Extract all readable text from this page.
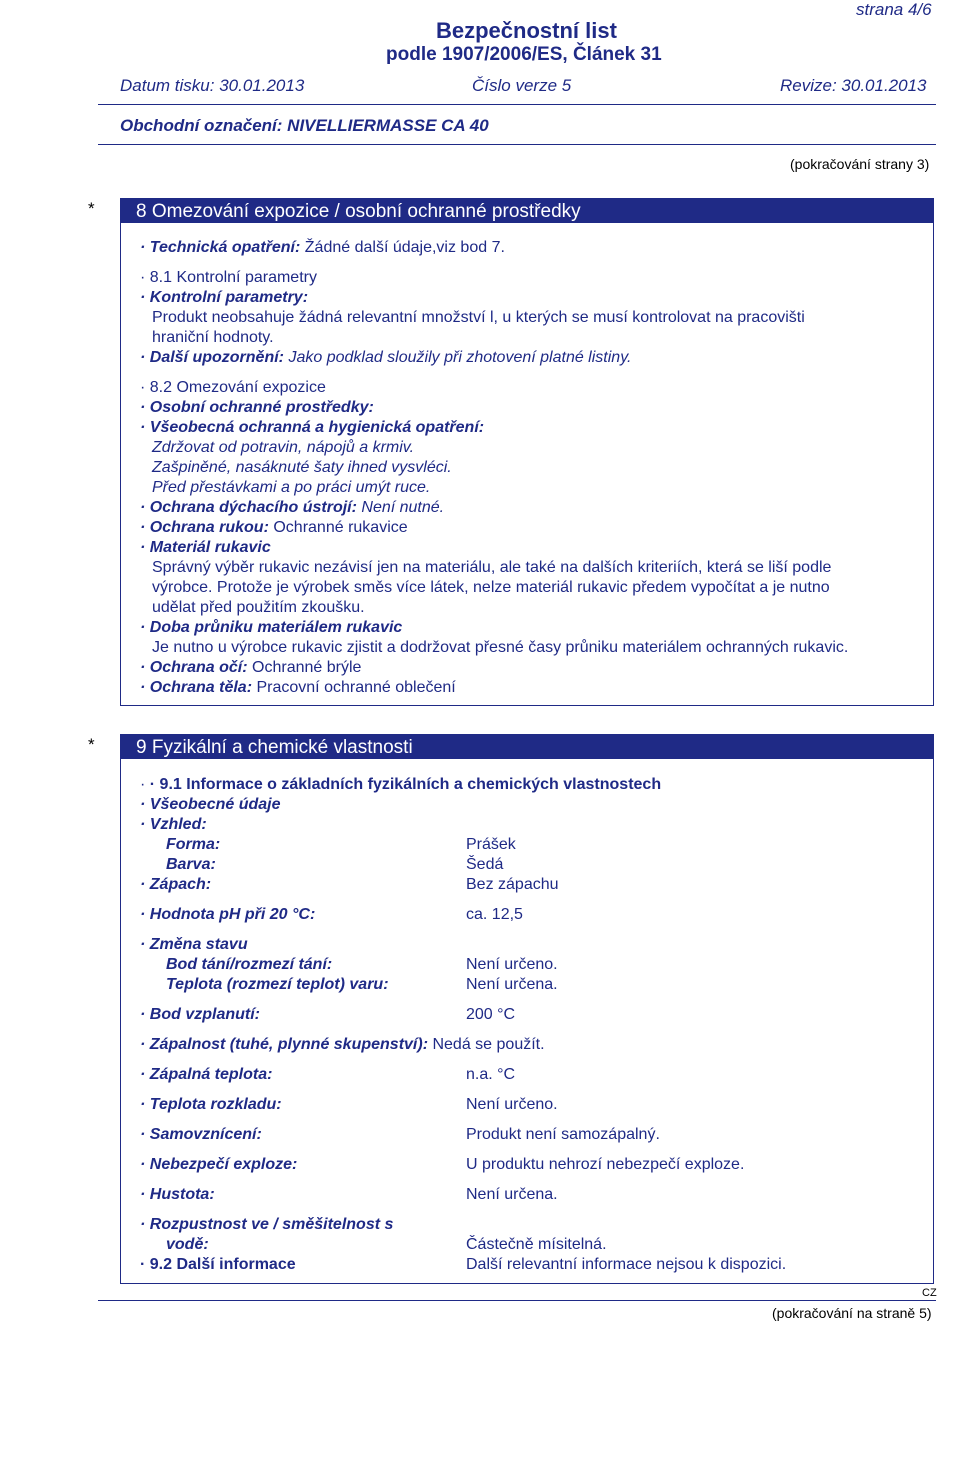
strana 4/6
Bezpečnostní list
podle 1907/2006/ES, Článek 31
Datum tisku: 30.01.2013	Číslo verze 5	Revize: 30.01.2013
Obchodní označení: NIVELLIERMASSE CA 40
(pokračování strany 3)
*	8 Omezování expozice / osobní ochranné prostředky
· Technická opatření: Žádné další údaje,viz bod 7.
· 8.1 Kontrolní parametry
· Kontrolní parametry:
Produkt neobsahuje žádná relevantní množství l, u kterých se musí kontrolovat na pracovišti
hraniční hodnoty.
· Další upozornění: Jako podklad sloužily při zhotovení platné listiny.
· 8.2 Omezování expozice
· Osobní ochranné prostředky:
· Všeobecná ochranná a hygienická opatření:
Zdržovat od potravin, nápojů a krmiv.
Zašpiněné, nasáknuté šaty ihned vysvléci.
Před přestávkami a po práci umýt ruce.
· Ochrana dýchacího ústrojí: Není nutné.
· Ochrana rukou: Ochranné rukavice
· Materiál rukavic
Správný výběr rukavic nezávisí jen na materiálu, ale také na dalších kriteriích, která se liší podle
výrobce. Protože je výrobek směs více látek, nelze materiál rukavic předem vypočítat a je nutno
udělat před použitím zkoušku.
· Doba průniku materiálem rukavic
Je nutno u výrobce rukavic zjistit a dodržovat přesné časy průniku materiálem ochranných rukavic.
· Ochrana očí: Ochranné brýle
· Ochrana těla: Pracovní ochranné oblečení
*	9 Fyzikální a chemické vlastnosti
· · 9.1 Informace o základních fyzikálních a chemických vlastnostech
· Všeobecné údaje
· Vzhled:
Forma:	Prášek
Barva:	Šedá
· Zápach:	Bez zápachu
· Hodnota pH při 20 °C:	ca. 12,5
· Změna stavu
Bod tání/rozmezí tání:	Není určeno.
Teplota (rozmezí teplot) varu:	Není určena.
· Bod vzplanutí:	200 °C
· Zápalnost (tuhé, plynné skupenství): Nedá se použít.
· Zápalná teplota:	n.a. °C
· Teplota rozkladu:	Není určeno.
· Samovznícení:	Produkt není samozápalný.
· Nebezpečí exploze:	U produktu nehrozí nebezpečí exploze.
· Hustota:	Není určena.
· Rozpustnost ve / směšitelnost s
vodě:	Částečně mísitelná.
· 9.2 Další informace	Další relevantní informace nejsou k dispozici.
CZ
(pokračování na straně 5)
